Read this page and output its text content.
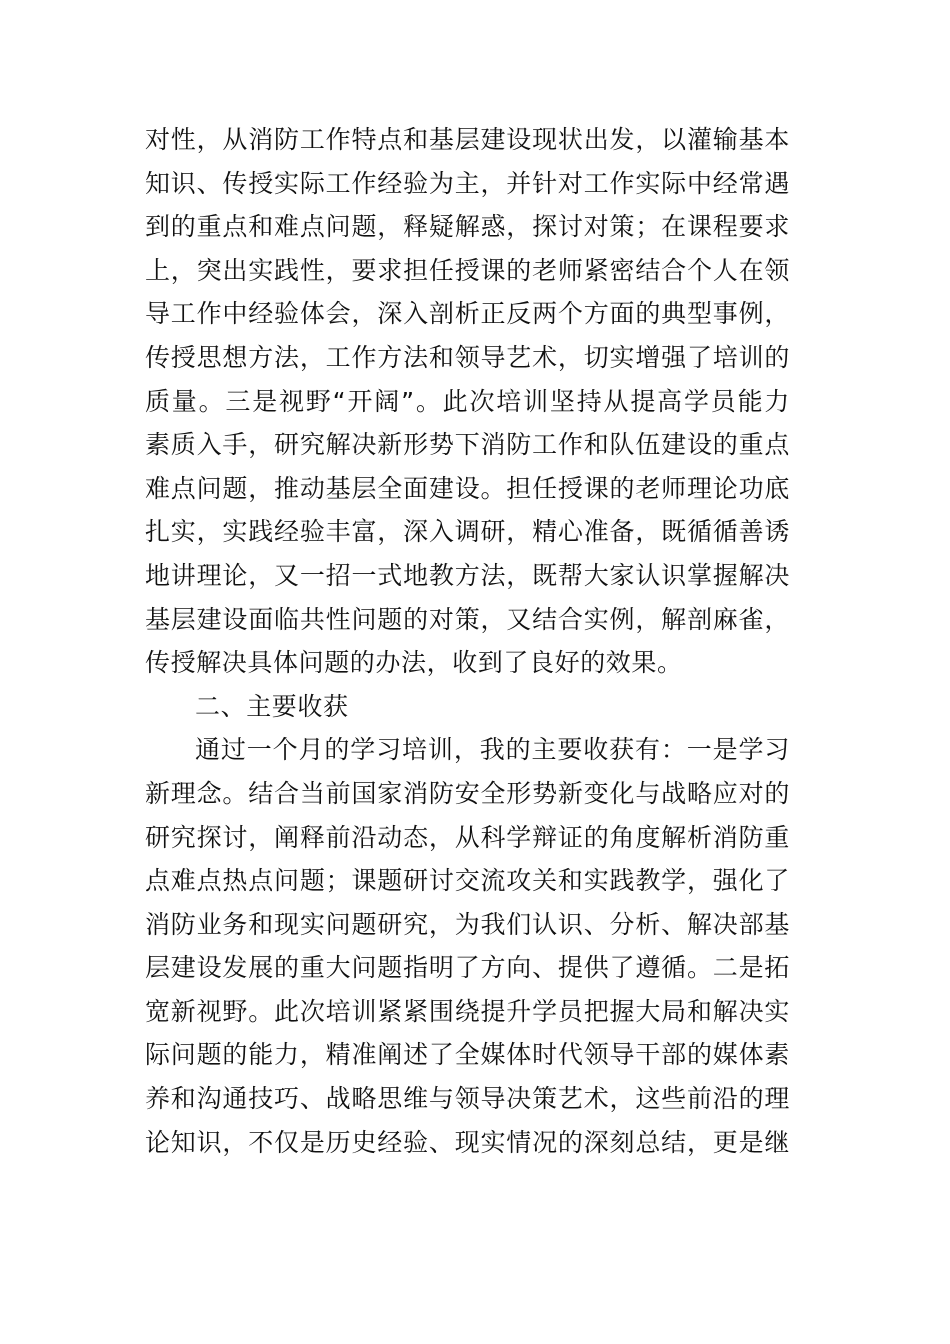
对性，从消防工作特点和基层建设现状出发，以灌输基本
知识、传授实际工作经验为主，并针对工作实际中经常遇
到的重点和难点问题，释疑解惑，探讨对策；在课程要求
上，突出实践性，要求担任授课的老师紧密结合个人在领
导工作中经验体会，深入剖析正反两个方面的典型事例，
传授思想方法，工作方法和领导艺术，切实增强了培训的
质量。三是视野“开阔”。此次培训坚持从提高学员能力
素质入手，研究解决新形势下消防工作和队伍建设的重点
难点问题，推动基层全面建设。担任授课的老师理论功底
扎实，实践经验丰富，深入调研，精心准备，既循循善诱
地讲理论，又一招一式地教方法，既帮大家认识掌握解决
基层建设面临共性问题的对策，又结合实例，解剖麻雀，
传授解决具体问题的办法，收到了良好的效果。
二、主要收获
通过一个月的学习培训，我的主要收获有：一是学习
新理念。结合当前国家消防安全形势新变化与战略应对的
研究探讨，阐释前沿动态，从科学辩证的角度解析消防重
点难点热点问题；课题研讨交流攻关和实践教学，强化了
消防业务和现实问题研究，为我们认识、分析、解决部基
层建设发展的重大问题指明了方向、提供了遵循。二是拓
宽新视野。此次培训紧紧围绕提升学员把握大局和解决实
际问题的能力，精准阐述了全媒体时代领导干部的媒体素
养和沟通技巧、战略思维与领导决策艺术，这些前沿的理
论知识，不仅是历史经验、现实情况的深刻总结，更是继
